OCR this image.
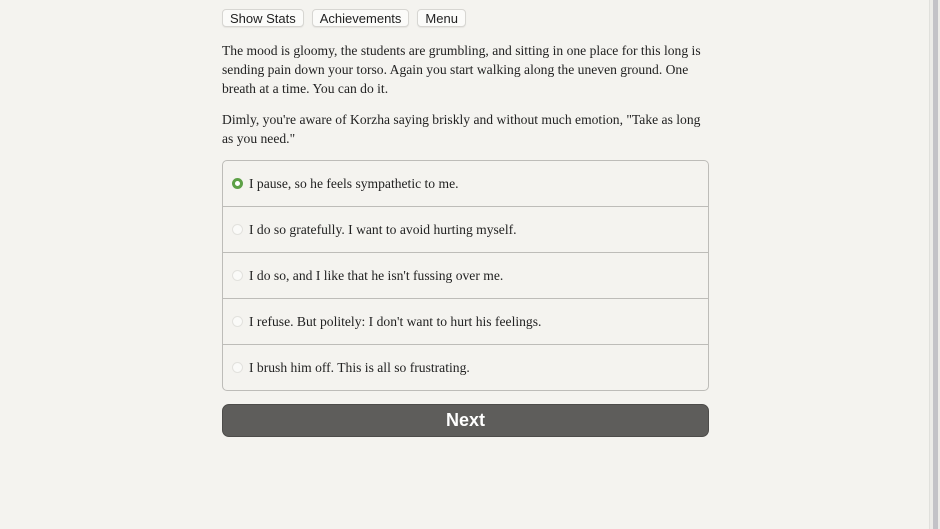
Show Stats	Achievements	Menu

The mood is gloomy, the students are grumbling, and sitting in one place for this long is sending pain down your torso. Again you start walking along the uneven ground. One breath at a time. You can do it.

Dimly, you're aware of Korzha saying briskly and without much emotion, "Take as long as you need."

I pause, so he feels sympathetic to me.
I do so gratefully. I want to avoid hurting myself.
I do so, and I like that he isn't fussing over me.
I refuse. But politely: I don't want to hurt his feelings.
I brush him off. This is all so frustrating.
Next
